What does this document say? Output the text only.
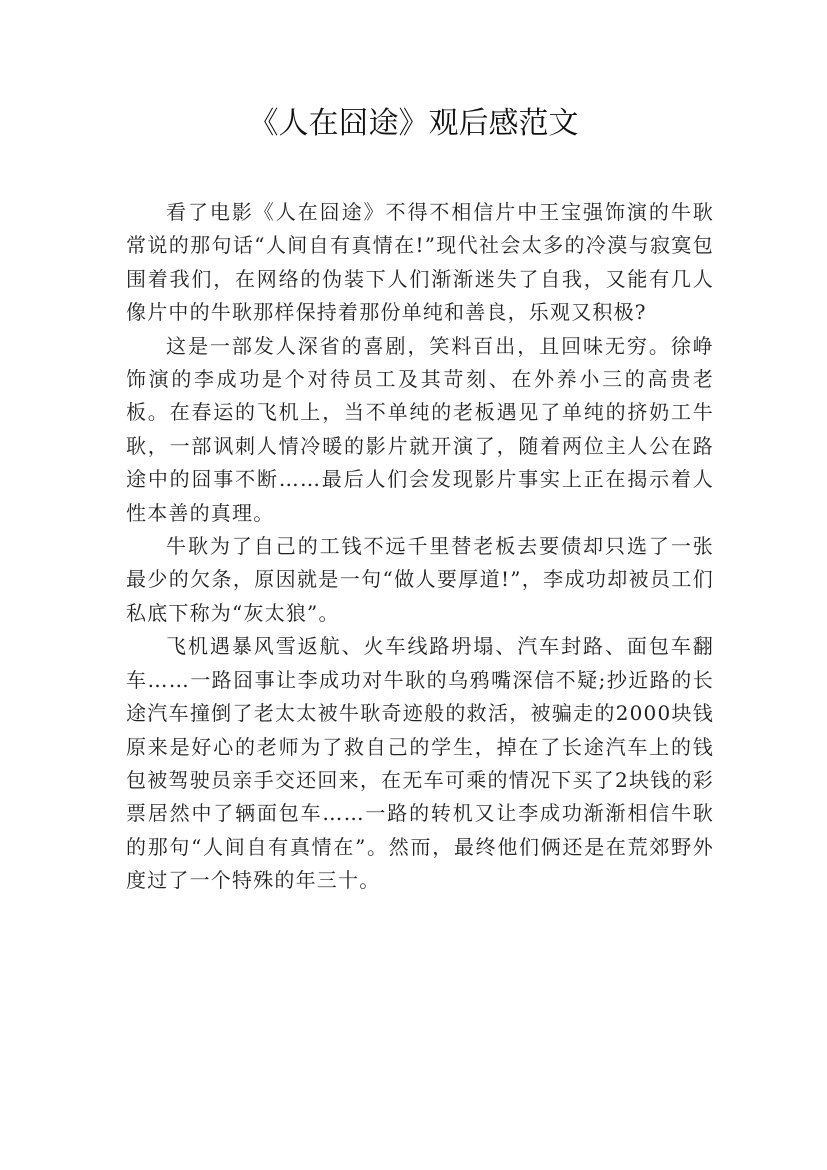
《人在囧途》观后感范文

看了电影《人在囧途》不得不相信片中王宝强饰演的牛耿常说的那句话“人间自有真情在!”现代社会太多的冷漠与寂寞包围着我们，在网络的伪装下人们渐渐迷失了自我，又能有几人像片中的牛耿那样保持着那份单纯和善良，乐观又积极?

这是一部发人深省的喜剧，笑料百出，且回味无穷。徐峥饰演的李成功是个对待员工及其苛刻、在外养小三的高贵老板。在春运的飞机上，当不单纯的老板遇见了单纯的挤奶工牛耿，一部讽刺人情冷暖的影片就开演了，随着两位主人公在路途中的囧事不断……最后人们会发现影片事实上正在揭示着人性本善的真理。

牛耿为了自己的工钱不远千里替老板去要债却只选了一张最少的欠条，原因就是一句“做人要厚道!”，李成功却被员工们私底下称为“灰太狼”。

飞机遇暴风雪返航、火车线路坍塌、汽车封路、面包车翻车……一路囧事让李成功对牛耿的乌鸦嘴深信不疑;抄近路的长途汽车撞倒了老太太被牛耿奇迹般的救活，被骗走的2000块钱原来是好心的老师为了救自己的学生，掉在了长途汽车上的钱包被驾驶员亲手交还回来，在无车可乘的情况下买了2块钱的彩票居然中了辆面包车……一路的转机又让李成功渐渐相信牛耿的那句“人间自有真情在”。然而，最终他们俩还是在荒郊野外度过了一个特殊的年三十。
